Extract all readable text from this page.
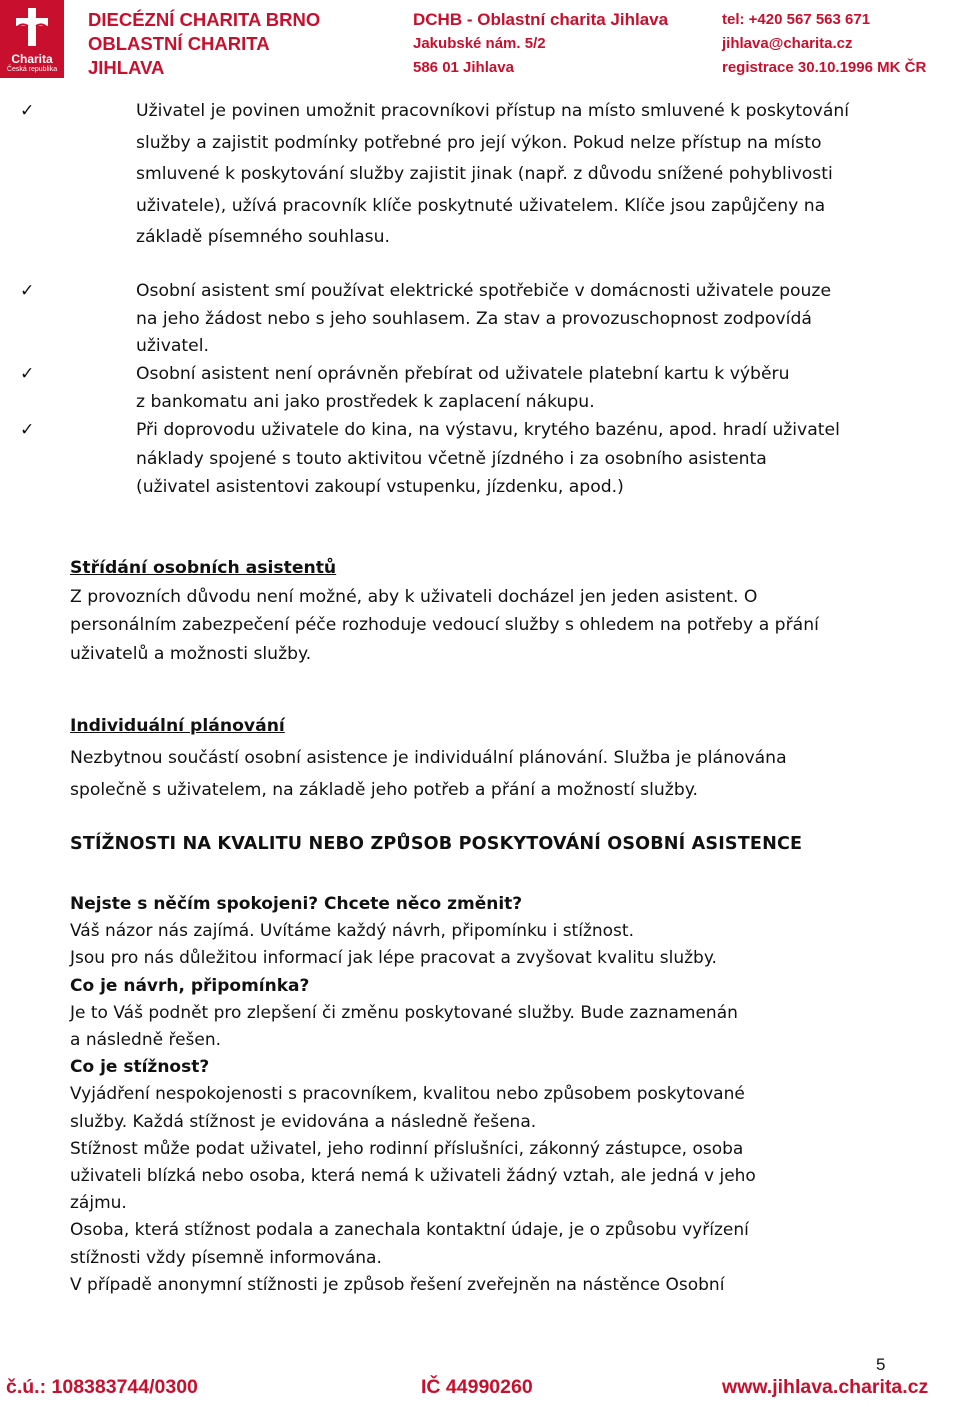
Charita
Česká republika
DIECÉZNÍ CHARITA BRNO
OBLASTNÍ CHARITA
JIHLAVA
DCHB - Oblastní charita Jihlava
Jakubské nám. 5/2
586 01 Jihlava
tel: +420 567 563 671
jihlava@charita.cz
registrace 30.10.1996 MK ČR
✓	Uživatel je povinen umožnit pracovníkovi přístup na místo smluvené k poskytování
služby a zajistit podmínky potřebné pro její výkon. Pokud nelze přístup na místo
smluvené k poskytování služby zajistit jinak (např. z důvodu snížené pohyblivosti
uživatele), užívá pracovník klíče poskytnuté uživatelem. Klíče jsou zapůjčeny na
základě písemného souhlasu.
✓	Osobní asistent smí používat elektrické spotřebiče v domácnosti uživatele pouze
na jeho žádost nebo s jeho souhlasem. Za stav a provozuschopnost zodpovídá
uživatel.
✓	Osobní asistent není oprávněn přebírat od uživatele platební kartu k výběru
z bankomatu ani jako prostředek k zaplacení nákupu.
✓	Při doprovodu uživatele do kina, na výstavu, krytého bazénu, apod. hradí uživatel
náklady spojené s touto aktivitou včetně jízdného i za osobního asistenta
(uživatel asistentovi zakoupí vstupenku, jízdenku, apod.)
Střídání osobních asistentů
Z provozních důvodu není možné, aby k uživateli docházel jen jeden asistent. O
personálním zabezpečení péče rozhoduje vedoucí služby s ohledem na potřeby a přání
uživatelů a možnosti služby.
Individuální plánování
Nezbytnou součástí osobní asistence je individuální plánování. Služba je plánována
společně s uživatelem, na základě jeho potřeb a přání a možností služby.
STÍŽNOSTI NA KVALITU NEBO ZPŮSOB POSKYTOVÁNÍ OSOBNÍ ASISTENCE
Nejste s něčím spokojeni? Chcete něco změnit?
Váš názor nás zajímá. Uvítáme každý návrh, připomínku i stížnost.
Jsou pro nás důležitou informací jak lépe pracovat a zvyšovat kvalitu služby.
Co je návrh, připomínka?
Je to Váš podnět pro zlepšení či změnu poskytované služby. Bude zaznamenán
a následně řešen.
Co je stížnost?
Vyjádření nespokojenosti s pracovníkem, kvalitou nebo způsobem poskytované
služby. Každá stížnost je evidována a následně řešena.
Stížnost může podat uživatel, jeho rodinní příslušníci, zákonný zástupce, osoba
uživateli blízká nebo osoba, která nemá k uživateli žádný vztah, ale jedná v jeho
zájmu.
Osoba, která stížnost podala a zanechala kontaktní údaje, je o způsobu vyřízení
stížnosti vždy písemně informována.
V případě anonymní stížnosti je způsob řešení zveřejněn na nástěnce Osobní
5
č.ú.: 108383744/0300	IČ 44990260	www.jihlava.charita.cz
